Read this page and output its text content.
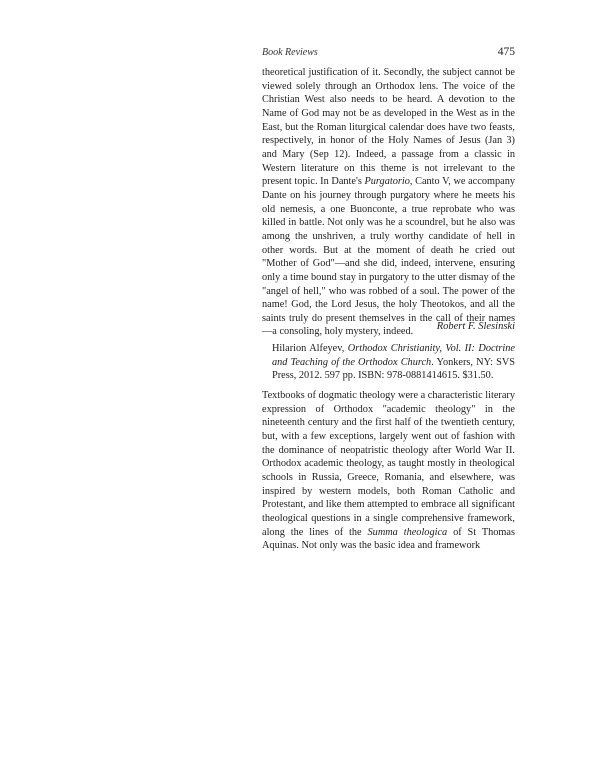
Book Reviews	475

theoretical justification of it. Secondly, the subject cannot be viewed solely through an Orthodox lens. The voice of the Christian West also needs to be heard. A devotion to the Name of God may not be as developed in the West as in the East, but the Roman liturgical calendar does have two feasts, respectively, in honor of the Holy Names of Jesus (Jan 3) and Mary (Sep 12). Indeed, a passage from a classic in Western literature on this theme is not irrelevant to the present topic. In Dante's Purgatorio, Canto V, we accompany Dante on his journey through purgatory where he meets his old nemesis, a one Buonconte, a true reprobate who was killed in battle. Not only was he a scoundrel, but he also was among the unshriven, a truly worthy candidate of hell in other words. But at the moment of death he cried out "Mother of God"—and she did, indeed, intervene, ensuring only a time bound stay in purgatory to the utter dismay of the "angel of hell," who was robbed of a soul. The power of the name! God, the Lord Jesus, the holy Theotokos, and all the saints truly do present themselves in the call of their names—a consoling, holy mystery, indeed.	Robert F. Slesinski
Hilarion Alfeyev, Orthodox Christianity, Vol. II: Doctrine and Teaching of the Orthodox Church. Yonkers, NY: SVS Press, 2012. 597 pp. ISBN: 978-0881414615. $31.50.

Textbooks of dogmatic theology were a characteristic literary expression of Orthodox "academic theology" in the nineteenth century and the first half of the twentieth century, but, with a few exceptions, largely went out of fashion with the dominance of neopatristic theology after World War II. Orthodox academic theology, as taught mostly in theological schools in Russia, Greece, Romania, and elsewhere, was inspired by western models, both Roman Catholic and Protestant, and like them attempted to embrace all significant theological questions in a single comprehensive framework, along the lines of the Summa theologica of St Thomas Aquinas. Not only was the basic idea and framework
